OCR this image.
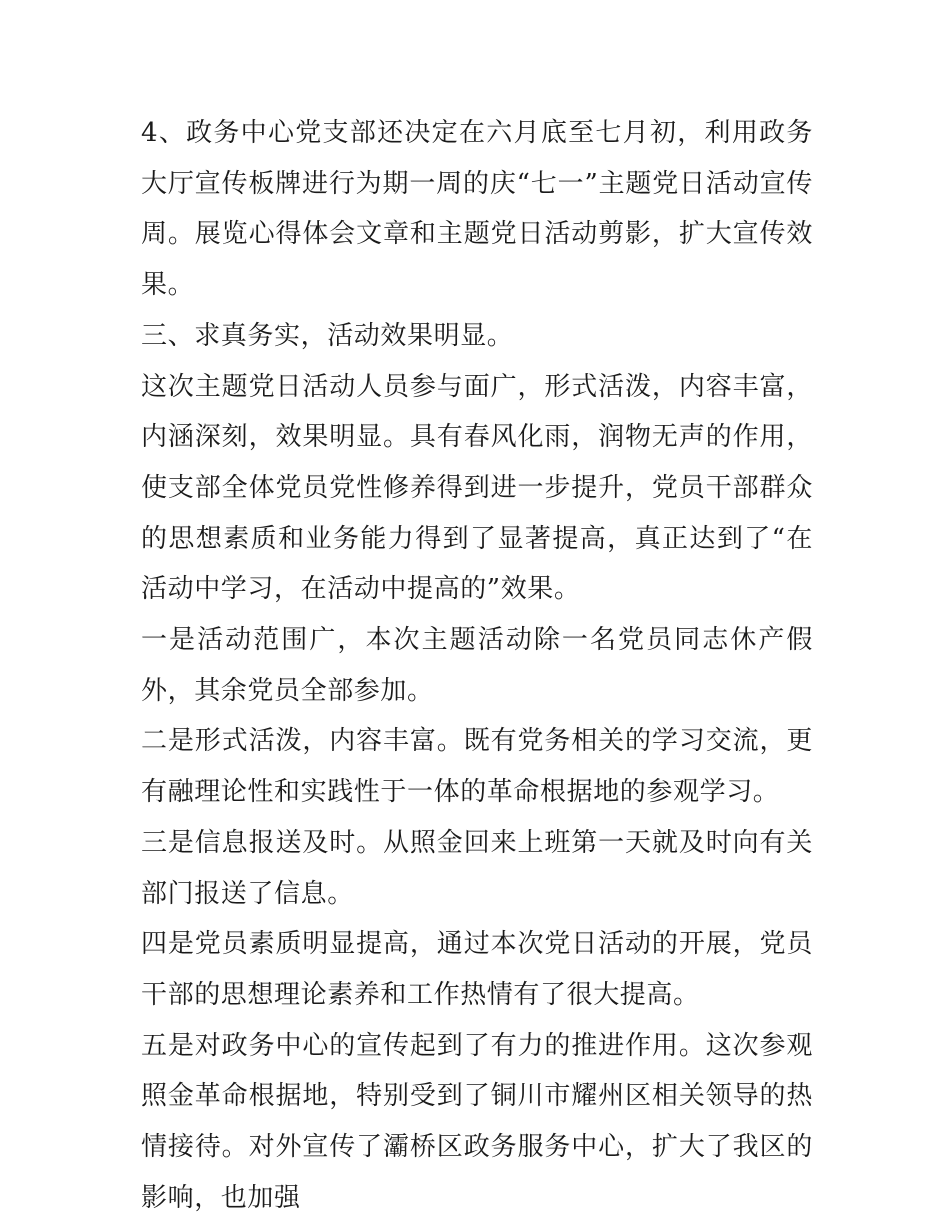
4、政务中心党支部还决定在六月底至七月初，利用政务大厅宣传板牌进行为期一周的庆“七一”主题党日活动宣传周。展览心得体会文章和主题党日活动剪影，扩大宣传效果。

三、求真务实，活动效果明显。

这次主题党日活动人员参与面广，形式活泼，内容丰富，内涵深刻，效果明显。具有春风化雨，润物无声的作用，使支部全体党员党性修养得到进一步提升，党员干部群众的思想素质和业务能力得到了显著提高，真正达到了“在活动中学习，在活动中提高的”效果。

一是活动范围广，本次主题活动除一名党员同志休产假外，其余党员全部参加。

二是形式活泼，内容丰富。既有党务相关的学习交流，更有融理论性和实践性于一体的革命根据地的参观学习。

三是信息报送及时。从照金回来上班第一天就及时向有关部门报送了信息。

四是党员素质明显提高，通过本次党日活动的开展，党员干部的思想理论素养和工作热情有了很大提高。

五是对政务中心的宣传起到了有力的推进作用。这次参观照金革命根据地，特别受到了铜川市耀州区相关领导的热情接待。对外宣传了灞桥区政务服务中心，扩大了我区的影响，也加强
